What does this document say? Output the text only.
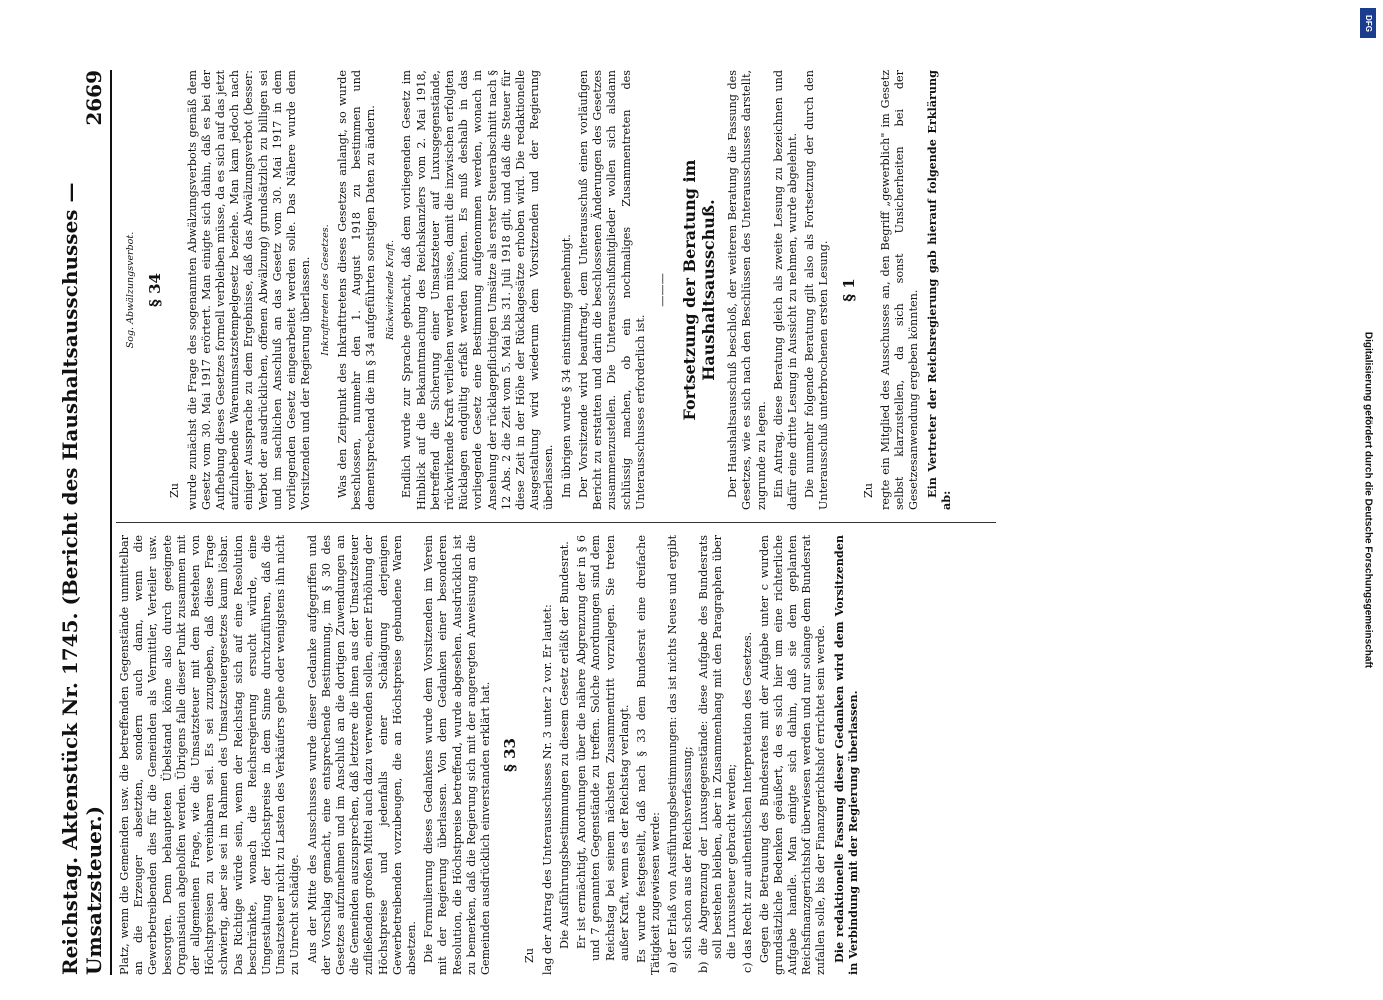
Reichstag. Aktenstück Nr. 1745. (Bericht des Haushaltsausschusses — Umsatzsteuer.)
2669

Platz, wenn die Gemeinden usw. die betreffenden Gegenstände unmittelbar an die Erzeuger absetzten, sondern auch dann, wenn die Gewerbetreibenden dies für die Gemeinden als Vermittler, Verteiler usw. besorgten. Denn behaupteten Übelstand könne also durch geeignete Organisation abgeholfen werden. Übrigens falle dieser Punkt zusammen mit der allgemeinen Frage, wie die Umsatzsteuer mit dem Bestehen von Höchstpreisen zu vereinbaren sei. Es sei zuzugeben, daß diese Frage schwierig, aber sie sei im Rahmen des Umsatzsteuergesetzes kaum lösbar. Das Richtige würde sein, wenn der Reichstag sich auf eine Resolution beschränkte, wonach die Reichsregierung ersucht würde, eine Umgestaltung der Höchstpreise in dem Sinne durchzuführen, daß die Umsatzsteuer nicht zu Lasten des Verkäufers gehe oder wenigstens ihn nicht zu Unrecht schädige. Aus der Mitte des Ausschusses wurde dieser Gedanke aufgegriffen und der Vorschlag gemacht, eine entsprechende Bestimmung, im § 30 des Gesetzes aufzunehmen und im Anschluß an die dortigen Zuwendungen an die Gemeinden auszusprechen, daß letztere die ihnen aus der Umsatzsteuer zufließenden großen Mittel auch dazu verwenden sollen, einer Erhöhung der Höchstpreise und jedenfalls einer Schädigung derjenigen Gewerbetreibenden vorzubeugen, die an Höchstpreise gebundene Waren absetzen. Die Formulierung dieses Gedankens wurde dem Vorsitzenden im Verein mit der Regierung überlassen. Von dem Gedanken einer besonderen Resolution, die Höchstpreise betreffend, wurde abgesehen. Ausdrücklich ist zu bemerken, daß die Regierung sich mit der angeregten Anweisung an die Gemeinden ausdrücklich einverstanden erklärt hat. § 33

Zu lag der Antrag des Unterausschusses Nr. 3 unter 2 vor. Er lautet: Die Ausführungsbestimmungen zu diesem Gesetz erläßt der Bundesrat. Er ist ermächtigt, Anordnungen über die nähere Abgrenzung der in § 6 und 7 genannten Gegenstände zu treffen. Solche Anordnungen sind dem Reichstag bei seinem nächsten Zusammentritt vorzulegen. Sie treten außer Kraft, wenn es der Reichstag verlangt. Es wurde festgestellt, daß nach § 33 dem Bundesrat eine dreifache Tätigkeit zugewiesen werde: a) der Erlaß von Ausführungsbestimmungen: das ist nichts Neues und ergibt sich schon aus der Reichsverfassung; b) die Abgrenzung der Luxusgegenstände: diese Aufgabe des Bundesrats soll bestehen bleiben, aber in Zusammenhang mit den Paragraphen über die Luxussteuer gebracht werden; c) das Recht zur authentischen Interpretation des Gesetzes. Gegen die Betrauung des Bundesrates mit der Aufgabe unter c wurden grundsätzliche Bedenken geäußert, da es sich hier um eine richterliche Aufgabe handle. Man einigte sich dahin, daß sie dem geplanten Reichsfinanzgerichtshof überwiesen werden und nur solange dem Bundesrat zufallen solle, bis der Finanzgerichtshof errichtet sein werde. Die redaktionelle Fassung dieser Gedanken wird dem Vorsitzenden in Verbindung mit der Regierung überlassen.

Sog. Abwälzungsverbot. § 34

Zu wurde zunächst die Frage des sogenannten Abwälzungsverbots gemäß dem Gesetz vom 30. Mai 1917 erörtert. Man einigte sich dahin, daß es bei der Aufhebung dieses Gesetzes formell verbleiben müsse, da es sich auf das jetzt aufzuhebende Warenumsatzstempelgesetz beziehe. Man kam jedoch nach einiger Aussprache zu dem Ergebnisse, daß das Abwälzungsverbot (besser: Verbot der ausdrücklichen, offenen Abwälzung) grundsätzlich zu billigen sei und im sachlichen Anschluß an das Gesetz vom 30. Mai 1917 in dem vorliegenden Gesetz eingearbeitet werden solle. Das Nähere wurde dem Vorsitzenden und der Regierung überlassen. Inkrafttreten des Gesetzes. Was den Zeitpunkt des Inkrafttretens dieses Gesetzes anlangt, so wurde beschlossen, nunmehr den 1. August 1918 zu bestimmen und dementsprechend die im § 34 aufgeführten sonstigen Daten zu ändern. Rückwirkende Kraft. Endlich wurde zur Sprache gebracht, daß dem vorliegenden Gesetz im Hinblick auf die Bekanntmachung des Reichskanzlers vom 2. Mai 1918, betreffend die Sicherung einer Umsatzsteuer auf Luxusgegenstände, rückwirkende Kraft verliehen werden müsse, damit die inzwischen erfolgten Rücklagen endgültig erfaßt werden könnten. Es muß deshalb in das vorliegende Gesetz eine Bestimmung aufgenommen werden, wonach in Ansehung der rücklagepflichtigen Umsätze als erster Steuerabschnitt nach § 12 Abs. 2 die Zeit vom 5. Mai bis 31. Juli 1918 gilt, und daß die Steuer für diese Zeit in der Höhe der Rücklagesätze erhoben wird. Die redaktionelle Ausgestaltung wird wiederum dem Vorsitzenden und der Regierung überlassen. Im übrigen wurde § 34 einstimmig genehmigt. Der Vorsitzende wird beauftragt, dem Unterausschuß einen vorläufigen Bericht zu erstatten und darin die beschlossenen Änderungen des Gesetzes zusammenzustellen. Die Unterausschußmitglieder wollen sich alsdann schlüssig machen, ob ein nochmaliges Zusammentreten des Unterausschusses erforderlich ist.

——— Fortsetzung der Beratung im Haushaltsausschuß. Der Haushaltsausschuß beschloß, der weiteren Beratung die Fassung des Gesetzes, wie es sich nach den Beschlüssen des Unterausschusses darstellt, zugrunde zu legen. Ein Antrag, diese Beratung gleich als zweite Lesung zu bezeichnen und dafür eine dritte Lesung in Aussicht zu nehmen, wurde abgelehnt. Die nunmehr folgende Beratung gilt also als Fortsetzung der durch den Unterausschuß unterbrochenen ersten Lesung. § 1

Zu regte ein Mitglied des Ausschusses an, den Begriff „gewerblich" im Gesetz selbst klarzustellen, da sich sonst Unsicherheiten bei der Gesetzesanwendung ergeben könnten. Ein Vertreter der Reichsregierung gab hierauf folgende Erklärung ab:

DFG
Digitalisierung gefördert durch die Deutsche Forschungsgemeinschaft
